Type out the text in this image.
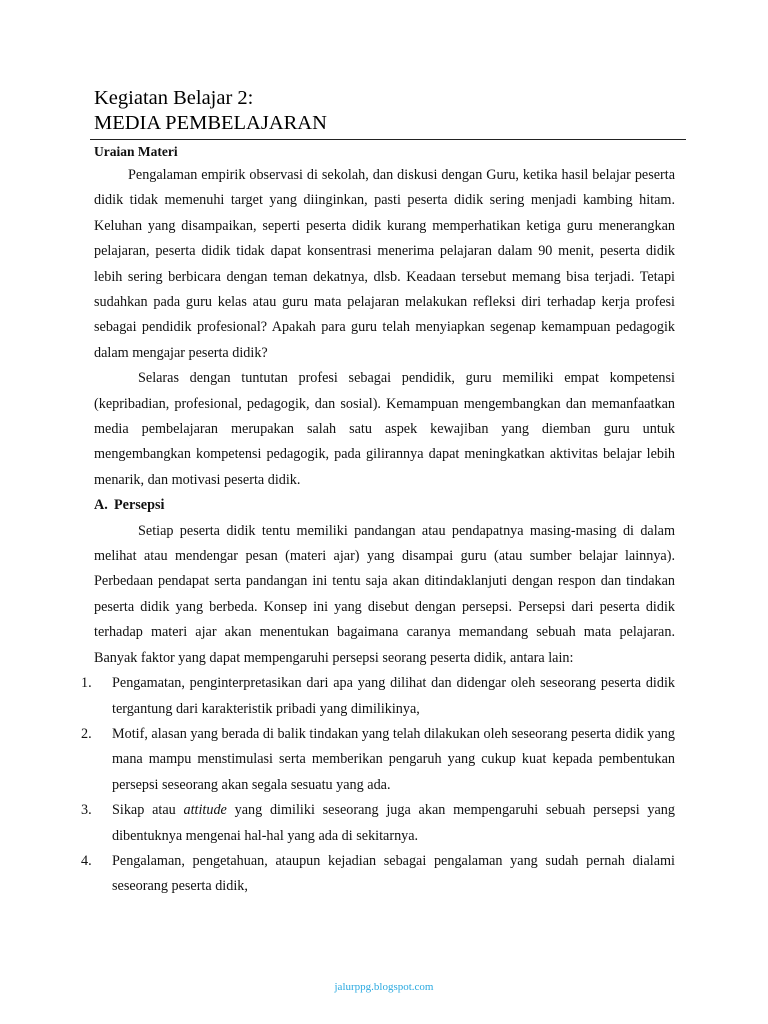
Kegiatan Belajar 2:
MEDIA PEMBELAJARAN
Uraian Materi

Pengalaman empirik observasi di sekolah, dan diskusi dengan Guru, ketika hasil belajar peserta didik tidak memenuhi target yang diinginkan, pasti peserta didik sering menjadi kambing hitam. Keluhan yang disampaikan, seperti peserta didik kurang memperhatikan ketiga guru menerangkan pelajaran, peserta didik tidak dapat konsentrasi menerima pelajaran dalam 90 menit, peserta didik lebih sering berbicara dengan teman dekatnya, dlsb. Keadaan tersebut memang bisa terjadi. Tetapi sudahkan pada guru kelas atau guru mata pelajaran melakukan refleksi diri terhadap kerja profesi sebagai pendidik profesional? Apakah para guru telah menyiapkan segenap kemampuan pedagogik dalam mengajar peserta didik?

Selaras dengan tuntutan profesi sebagai pendidik, guru memiliki empat kompetensi (kepribadian, profesional, pedagogik, dan sosial). Kemampuan mengembangkan dan memanfaatkan media pembelajaran merupakan salah satu aspek kewajiban yang diemban guru untuk mengembangkan kompetensi pedagogik, pada gilirannya dapat meningkatkan aktivitas belajar lebih menarik, dan motivasi peserta didik.

A. Persepsi

Setiap peserta didik tentu memiliki pandangan atau pendapatnya masing-masing di dalam melihat atau mendengar pesan (materi ajar) yang disampai guru (atau sumber belajar lainnya). Perbedaan pendapat serta pandangan ini tentu saja akan ditindaklanjuti dengan respon dan tindakan peserta didik yang berbeda. Konsep ini yang disebut dengan persepsi. Persepsi dari peserta didik terhadap materi ajar akan menentukan bagaimana caranya memandang sebuah mata pelajaran. Banyak faktor yang dapat mempengaruhi persepsi seorang peserta didik, antara lain:

1. Pengamatan, penginterpretasikan dari apa yang dilihat dan didengar oleh seseorang peserta didik tergantung dari karakteristik pribadi yang dimilikinya,
2. Motif, alasan yang berada di balik tindakan yang telah dilakukan oleh seseorang peserta didik yang mana mampu menstimulasi serta memberikan pengaruh yang cukup kuat kepada pembentukan persepsi seseorang akan segala sesuatu yang ada.
3. Sikap atau attitude yang dimiliki seseorang juga akan mempengaruhi sebuah persepsi yang dibentuknya mengenai hal-hal yang ada di sekitarnya.
4. Pengalaman, pengetahuan, ataupun kejadian sebagai pengalaman yang sudah pernah dialami seseorang peserta didik,
jalurppg.blogspot.com
